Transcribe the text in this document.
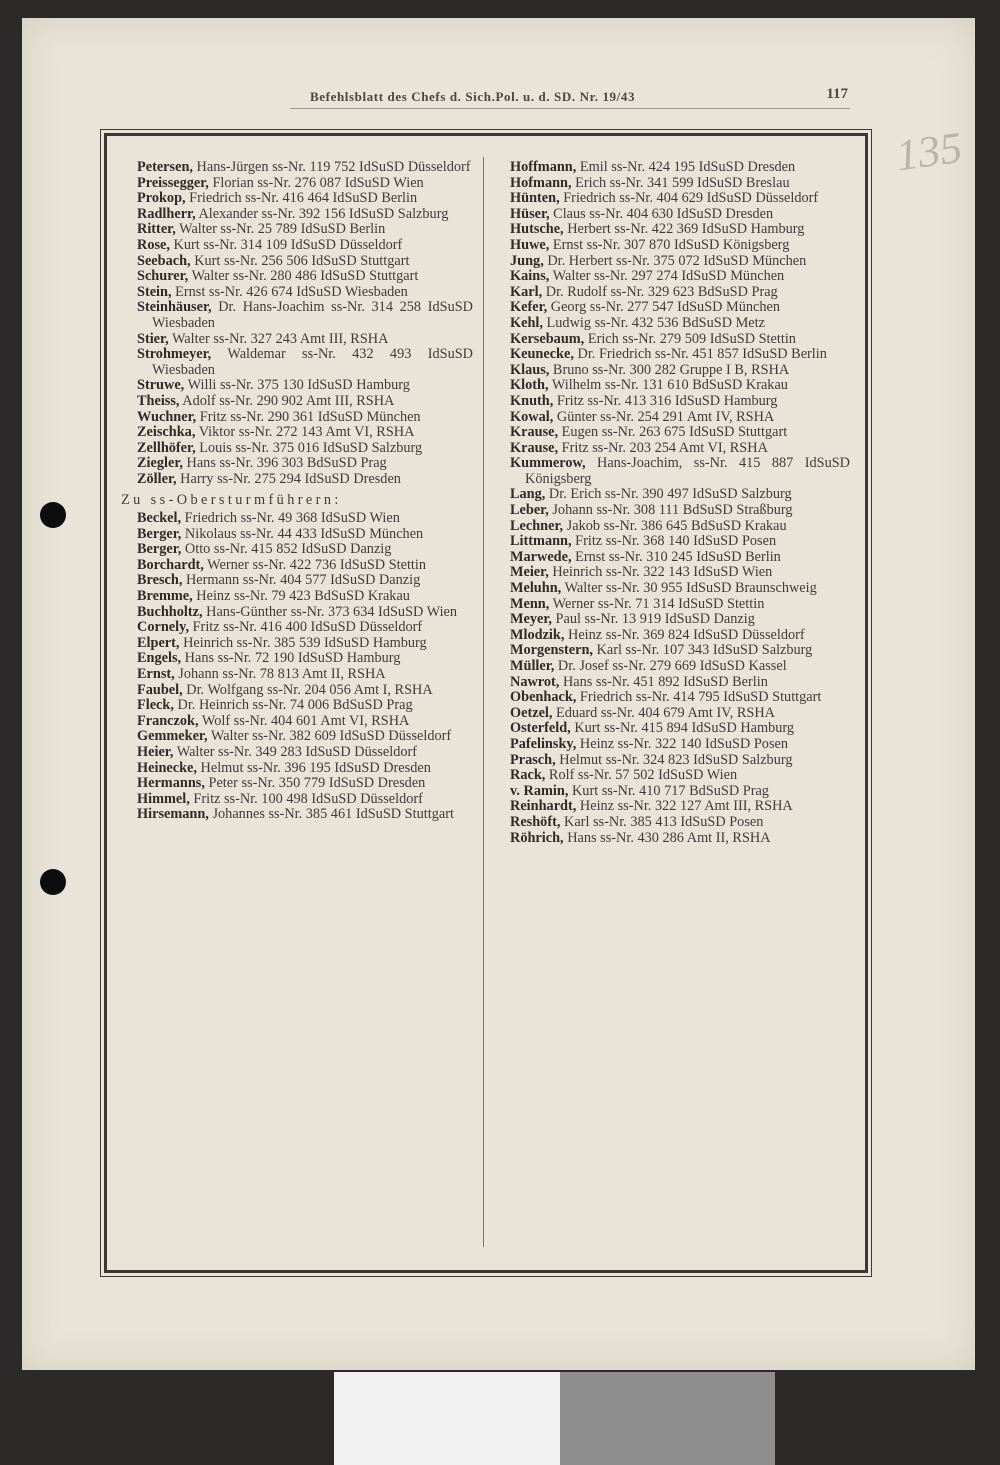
Befehlsblatt des Chefs d. Sich.Pol. u. d. SD. Nr. 19/43	117
135

Petersen, Hans-Jürgen ss-Nr. 119 752 IdSuSD Düsseldorf

Preissegger, Florian ss-Nr. 276 087 IdSuSD Wien

Prokop, Friedrich ss-Nr. 416 464 IdSuSD Berlin

Radlherr, Alexander ss-Nr. 392 156 IdSuSD Salzburg

Ritter, Walter ss-Nr. 25 789 IdSuSD Berlin

Rose, Kurt ss-Nr. 314 109 IdSuSD Düsseldorf

Seebach, Kurt ss-Nr. 256 506 IdSuSD Stuttgart

Schurer, Walter ss-Nr. 280 486 IdSuSD Stuttgart

Stein, Ernst ss-Nr. 426 674 IdSuSD Wiesbaden

Steinhäuser, Dr. Hans-Joachim ss-Nr. 314 258 IdSuSD Wiesbaden

Stier, Walter ss-Nr. 327 243 Amt III, RSHA

Strohmeyer, Waldemar ss-Nr. 432 493 IdSuSD Wiesbaden

Struwe, Willi ss-Nr. 375 130 IdSuSD Hamburg

Theiss, Adolf ss-Nr. 290 902 Amt III, RSHA

Wuchner, Fritz ss-Nr. 290 361 IdSuSD München

Zeischka, Viktor ss-Nr. 272 143 Amt VI, RSHA

Zellhöfer, Louis ss-Nr. 375 016 IdSuSD Salzburg

Ziegler, Hans ss-Nr. 396 303 BdSuSD Prag

Zöller, Harry ss-Nr. 275 294 IdSuSD Dresden

Zu ss-Obersturmführern:

Beckel, Friedrich ss-Nr. 49 368 IdSuSD Wien

Berger, Nikolaus ss-Nr. 44 433 IdSuSD München

Berger, Otto ss-Nr. 415 852 IdSuSD Danzig

Borchardt, Werner ss-Nr. 422 736 IdSuSD Stettin

Bresch, Hermann ss-Nr. 404 577 IdSuSD Danzig

Bremme, Heinz ss-Nr. 79 423 BdSuSD Krakau

Buchholtz, Hans-Günther ss-Nr. 373 634 IdSuSD Wien

Cornely, Fritz ss-Nr. 416 400 IdSuSD Düsseldorf

Elpert, Heinrich ss-Nr. 385 539 IdSuSD Hamburg

Engels, Hans ss-Nr. 72 190 IdSuSD Hamburg

Ernst, Johann ss-Nr. 78 813 Amt II, RSHA

Faubel, Dr. Wolfgang ss-Nr. 204 056 Amt I, RSHA

Fleck, Dr. Heinrich ss-Nr. 74 006 BdSuSD Prag

Franczok, Wolf ss-Nr. 404 601 Amt VI, RSHA

Gemmeker, Walter ss-Nr. 382 609 IdSuSD Düsseldorf

Heier, Walter ss-Nr. 349 283 IdSuSD Düsseldorf

Heinecke, Helmut ss-Nr. 396 195 IdSuSD Dresden

Hermanns, Peter ss-Nr. 350 779 IdSuSD Dresden

Himmel, Fritz ss-Nr. 100 498 IdSuSD Düsseldorf

Hirsemann, Johannes ss-Nr. 385 461 IdSuSD Stuttgart

Hoffmann, Emil ss-Nr. 424 195 IdSuSD Dresden

Hofmann, Erich ss-Nr. 341 599 IdSuSD Breslau

Hünten, Friedrich ss-Nr. 404 629 IdSuSD Düsseldorf

Hüser, Claus ss-Nr. 404 630 IdSuSD Dresden

Hutsche, Herbert ss-Nr. 422 369 IdSuSD Hamburg

Huwe, Ernst ss-Nr. 307 870 IdSuSD Königsberg

Jung, Dr. Herbert ss-Nr. 375 072 IdSuSD München

Kains, Walter ss-Nr. 297 274 IdSuSD München

Karl, Dr. Rudolf ss-Nr. 329 623 BdSuSD Prag

Kefer, Georg ss-Nr. 277 547 IdSuSD München

Kehl, Ludwig ss-Nr. 432 536 BdSuSD Metz

Kersebaum, Erich ss-Nr. 279 509 IdSuSD Stettin

Keunecke, Dr. Friedrich ss-Nr. 451 857 IdSuSD Berlin

Klaus, Bruno ss-Nr. 300 282 Gruppe I B, RSHA

Kloth, Wilhelm ss-Nr. 131 610 BdSuSD Krakau

Knuth, Fritz ss-Nr. 413 316 IdSuSD Hamburg

Kowal, Günter ss-Nr. 254 291 Amt IV, RSHA

Krause, Eugen ss-Nr. 263 675 IdSuSD Stuttgart

Krause, Fritz ss-Nr. 203 254 Amt VI, RSHA

Kummerow, Hans-Joachim, ss-Nr. 415 887 IdSuSD Königsberg

Lang, Dr. Erich ss-Nr. 390 497 IdSuSD Salzburg

Leber, Johann ss-Nr. 308 111 BdSuSD Straßburg

Lechner, Jakob ss-Nr. 386 645 BdSuSD Krakau

Littmann, Fritz ss-Nr. 368 140 IdSuSD Posen

Marwede, Ernst ss-Nr. 310 245 IdSuSD Berlin

Meier, Heinrich ss-Nr. 322 143 IdSuSD Wien

Meluhn, Walter ss-Nr. 30 955 IdSuSD Braunschweig

Menn, Werner ss-Nr. 71 314 IdSuSD Stettin

Meyer, Paul ss-Nr. 13 919 IdSuSD Danzig

Mlodzik, Heinz ss-Nr. 369 824 IdSuSD Düsseldorf

Morgenstern, Karl ss-Nr. 107 343 IdSuSD Salzburg

Müller, Dr. Josef ss-Nr. 279 669 IdSuSD Kassel

Nawrot, Hans ss-Nr. 451 892 IdSuSD Berlin

Obenhack, Friedrich ss-Nr. 414 795 IdSuSD Stuttgart

Oetzel, Eduard ss-Nr. 404 679 Amt IV, RSHA

Osterfeld, Kurt ss-Nr. 415 894 IdSuSD Hamburg

Pafelinsky, Heinz ss-Nr. 322 140 IdSuSD Posen

Prasch, Helmut ss-Nr. 324 823 IdSuSD Salzburg

Rack, Rolf ss-Nr. 57 502 IdSuSD Wien

v. Ramin, Kurt ss-Nr. 410 717 BdSuSD Prag

Reinhardt, Heinz ss-Nr. 322 127 Amt III, RSHA

Reshöft, Karl ss-Nr. 385 413 IdSuSD Posen

Röhrich, Hans ss-Nr. 430 286 Amt II, RSHA
